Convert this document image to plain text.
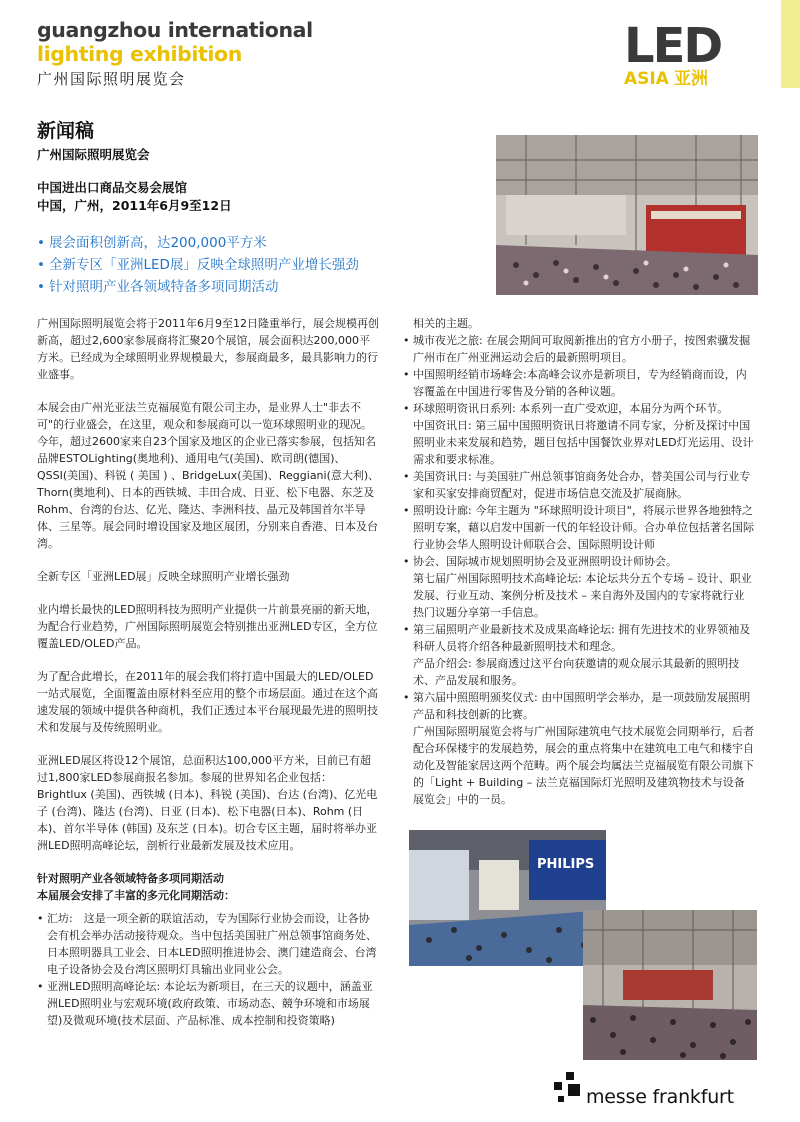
guangzhou international
lighting exhibition
广州国际照明展览会
LED
ASIA 亚洲
新闻稿
广州国际照明展览会
中国进出口商品交易会展馆
中国，广州，2011年6月9至12日
• 展会面积创新高，达200,000平方米
• 全新专区「亚洲LED展」反映全球照明产业增长强劲
• 针对照明产业各领域特备多项同期活动

广州国际照明展览会将于2011年6月9至12日隆重举行，展会规模再创新高，超过2,600家参展商将汇聚20个展馆，展会面积达200,000平方米。已经成为全球照明业界规模最大，参展商最多，最具影响力的行业盛事。

本展会由广州光亚法兰克福展览有限公司主办，是业界人士"非去不可"的行业盛会，在这里，观众和参展商可以一览环球照明业的现况。

今年，超过2600家来自23个国家及地区的企业已落实参展，包括知名品牌ESTOLighting(奥地利)、通用电气(美国)、欧司朗(德国)、QSSI(美国)、科锐 ( 美国 ) 、BridgeLux(美国)、Reggiani(意大利)、Thorn(奥地利)、日本的西铁城、丰田合成、日亚、松下电器、东芝及Rohm、台湾的台达、亿光、隆达、李洲科技、晶元及韩国首尔半导体、三星等。展会同时增设国家及地区展团，分别来自香港、日本及台湾。

全新专区「亚洲LED展」反映全球照明产业增长强劲

业内增长最快的LED照明科技为照明产业提供一片前景亮丽的新天地，为配合行业趋势，广州国际照明展览会特别推出亚洲LED专区，全方位覆盖LED/OLED产品。

为了配合此增长，在2011年的展会我们将打造中国最大的LED/OLED一站式展览，全面覆盖由原材料至应用的整个市场层面。通过在这个高速发展的领域中提供各种商机，我们正透过本平台展现最先进的照明技术和发展与及传统照明业。

亚洲LED展区将设12个展馆，总面积达100,000平方米，目前已有超过1,800家LED参展商报名参加。参展的世界知名企业包括：Brightlux (美国)、西铁城 (日本)、科锐 (美国)、台达 (台湾)、亿光电子 (台湾)、隆达 (台湾)、日亚 (日本)、松下电器(日本)、Rohm (日本)、首尔半导体 (韩国) 及东芝 (日本)。切合专区主题，届时将举办亚洲LED照明高峰论坛，剖析行业最新发展及技术应用。

针对照明产业各领域特备多项同期活动
本届展会安排了丰富的多元化同期活动：
• 汇坊:　这是一项全新的联谊活动，专为国际行业协会而设，让各协会有机会举办活动接待观众。当中包括美国驻广州总领事馆商务处、日本照明器具工业会、日本LED照明推进协会、澳门建造商会、台湾电子设备协会及台湾区照明灯具输出业同业公会。
• 亚洲LED照明高峰论坛: 本论坛为新项目，在三天的议题中，涵盖亚洲LED照明业与宏观环境(政府政策、市场动态、競争环境和市场展望)及微观环境(技术层面、产品标准、成本控制和投资策略)
相关的主题。
• 城市夜光之旅: 在展会期间可取阅新推出的官方小册子，按图索骥发掘广州市在广州亚洲运动会后的最新照明项目。
• 中国照明经销市场峰会:本高峰会议亦是新项目，专为经销商而设，内容覆盖在中国进行零售及分销的各种议题。
• 环球照明资讯日系列: 本系列一直广受欢迎，本届分为两个环节。
中国资讯日: 第三届中国照明资讯日将邀请不同专家，分析及探讨中国照明业未来发展和趋势，题目包括中国餐饮业界对LED灯光运用、设计需求和要求标准。
• 美国资讯日: 与美国驻广州总领事馆商务处合办，替美国公司与行业专家和买家安排商贸配对，促进市场信息交流及扩展商脉。
• 照明设计廊: 今年主题为 "环球照明设计项目"，将展示世界各地独特之照明专案，藉以启发中国新一代的年轻设计师。合办单位包括著名国际行业协会华人照明设计师联合会、国际照明设计师
• 协会、国际城市规划照明协会及亚洲照明设计师协会。
第七届广州国际照明技术高峰论坛: 本论坛共分五个专场 – 设计、职业发展、行业互动、案例分析及技术 – 来自海外及国内的专家将就行业热门议题分享第一手信息。
• 第三届照明产业最新技术及成果高峰论坛: 拥有先进技术的业界领袖及科研人员将介绍各种最新照明技术和理念。
产品介绍会: 参展商透过这平台向获邀请的观众展示其最新的照明技术、产品发展和服务。
• 第六届中照照明颁奖仪式: 由中国照明学会举办，是一项鼓励发展照明产品和科技创新的比赛。
广州国际照明展览会将与广州国际建筑电气技术展览会同期举行，后者配合环保楼宇的发展趋势，展会的重点将集中在建筑电工电气和楼宇自动化及智能家居这两个范畴。两个展会均属法兰克福展览有限公司旗下的「Light + Building – 法兰克福国际灯光照明及建筑物技术与设备展览会」中的一员。
PHILIPS
messe frankfurt
